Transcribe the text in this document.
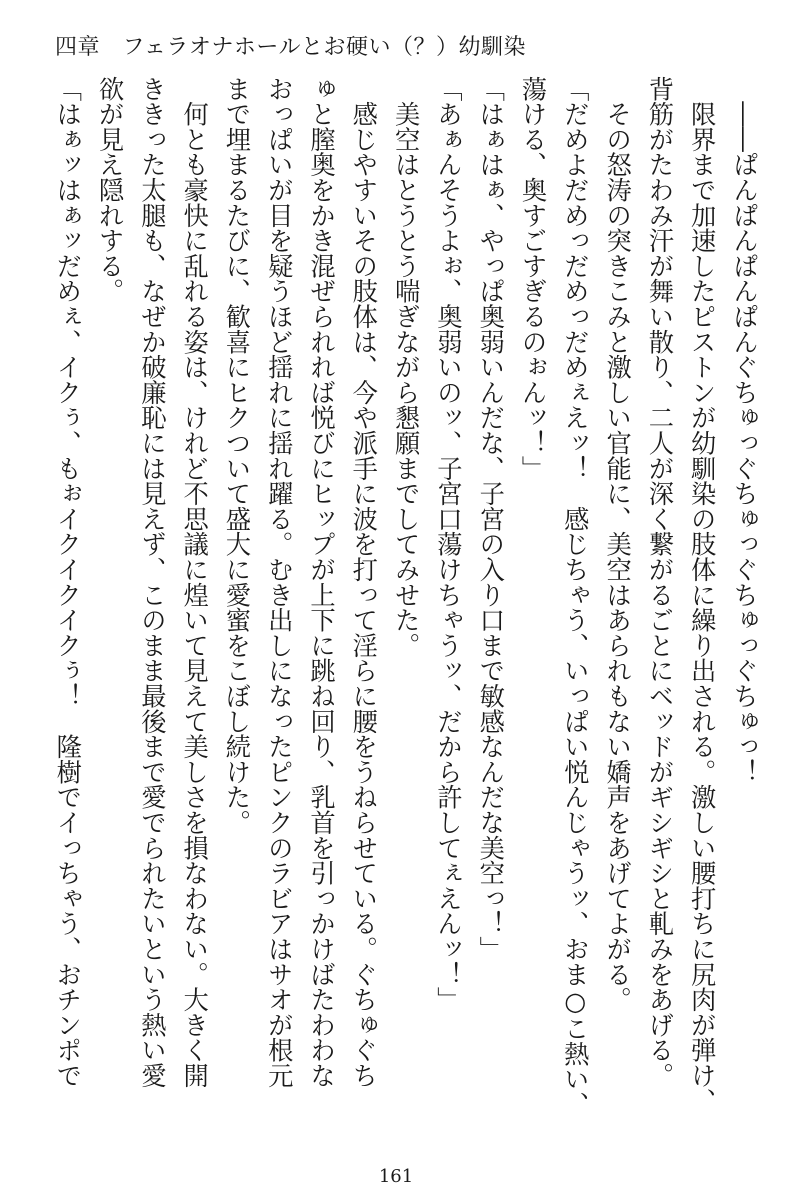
四章　フェラオナホールとお硬い（？）幼馴染
　――ぱんぱんぱんぱんぐちゅっぐちゅっぐちゅっぐちゅっ！
　限界まで加速したピストンが幼馴染の肢体に繰り出される。激しい腰打ちに尻肉が弾け、
背筋がたわみ汗が舞い散り、二人が深く繋がるごとにベッドがギシギシと軋みをあげる。
　その怒涛の突きこみと激しい官能に、美空はあられもない嬌声をあげてよがる。
「だめよだめっだめっだめぇえッ！　感じちゃう、いっぱい悦んじゃうッ、おま○こ熱い、
蕩ける、奥すごすぎるのぉんッ！」
「はぁはぁ、やっぱ奥弱いんだな、子宮の入り口まで敏感なんだな美空っ！」
「あぁんそうよぉ、奥弱いのッ、子宮口蕩けちゃうッ、だから許してぇえんッ！」
　美空はとうとう喘ぎながら懇願までしてみせた。
　感じやすいその肢体は、今や派手に波を打って淫らに腰をうねらせている。ぐちゅぐち
ゅと膣奥をかき混ぜられれば悦びにヒップが上下に跳ね回り、乳首を引っかけばたわわな
おっぱいが目を疑うほど揺れに揺れ躍る。むき出しになったピンクのラビアはサオが根元
まで埋まるたびに、歓喜にヒクついて盛大に愛蜜をこぼし続けた。
　何とも豪快に乱れる姿は、けれど不思議に煌いて見えて美しさを損なわない。大きく開
ききった太腿も、なぜか破廉恥には見えず、このまま最後まで愛でられたいという熱い愛
欲が見え隠れする。
「はぁッはぁッだめぇ、イクぅ、もぉイクイクイクぅ！　隆樹でイっちゃう、おチンポで
161
